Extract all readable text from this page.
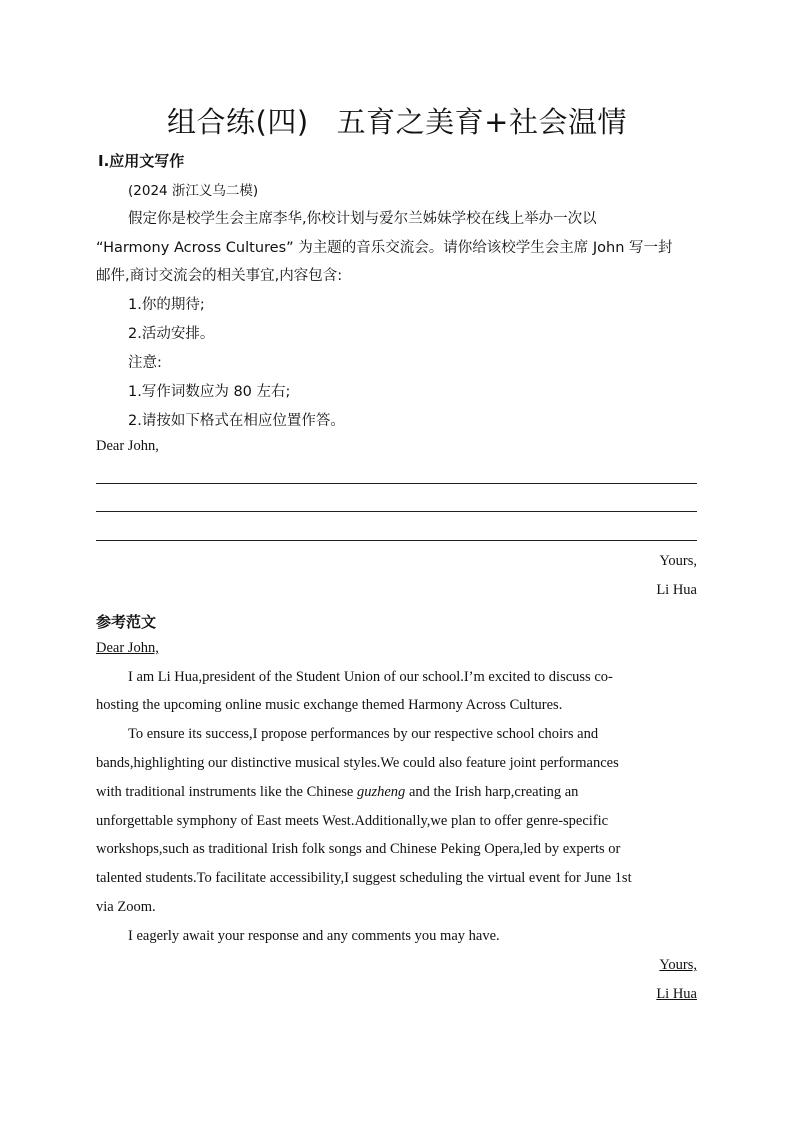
组合练(四) 五育之美育+社会温情
Ⅰ.应用文写作
(2024 浙江义乌二模)
假定你是校学生会主席李华,你校计划与爱尔兰姊妹学校在线上举办一次以
“Harmony Across Cultures” 为主题的音乐交流会。请你给该校学生会主席 John 写一封
邮件,商讨交流会的相关事宜,内容包含:
1.你的期待;
2.活动安排。
注意:
1.写作词数应为 80 左右;
2.请按如下格式在相应位置作答。
Dear John,
Yours,
Li Hua
参考范文
Dear John,
I am Li Hua,president of the Student Union of our school.I’m excited to discuss co-
hosting the upcoming online music exchange themed Harmony Across Cultures.
To ensure its success,I propose performances by our respective school choirs and
bands,highlighting our distinctive musical styles.We could also feature joint performances
with traditional instruments like the Chinese guzheng and the Irish harp,creating an
unforgettable symphony of East meets West.Additionally,we plan to offer genre-specific
workshops,such as traditional Irish folk songs and Chinese Peking Opera,led by experts or
talented students.To facilitate accessibility,I suggest scheduling the virtual event for June 1st
via Zoom.
I eagerly await your response and any comments you may have.
Yours,
Li Hua
